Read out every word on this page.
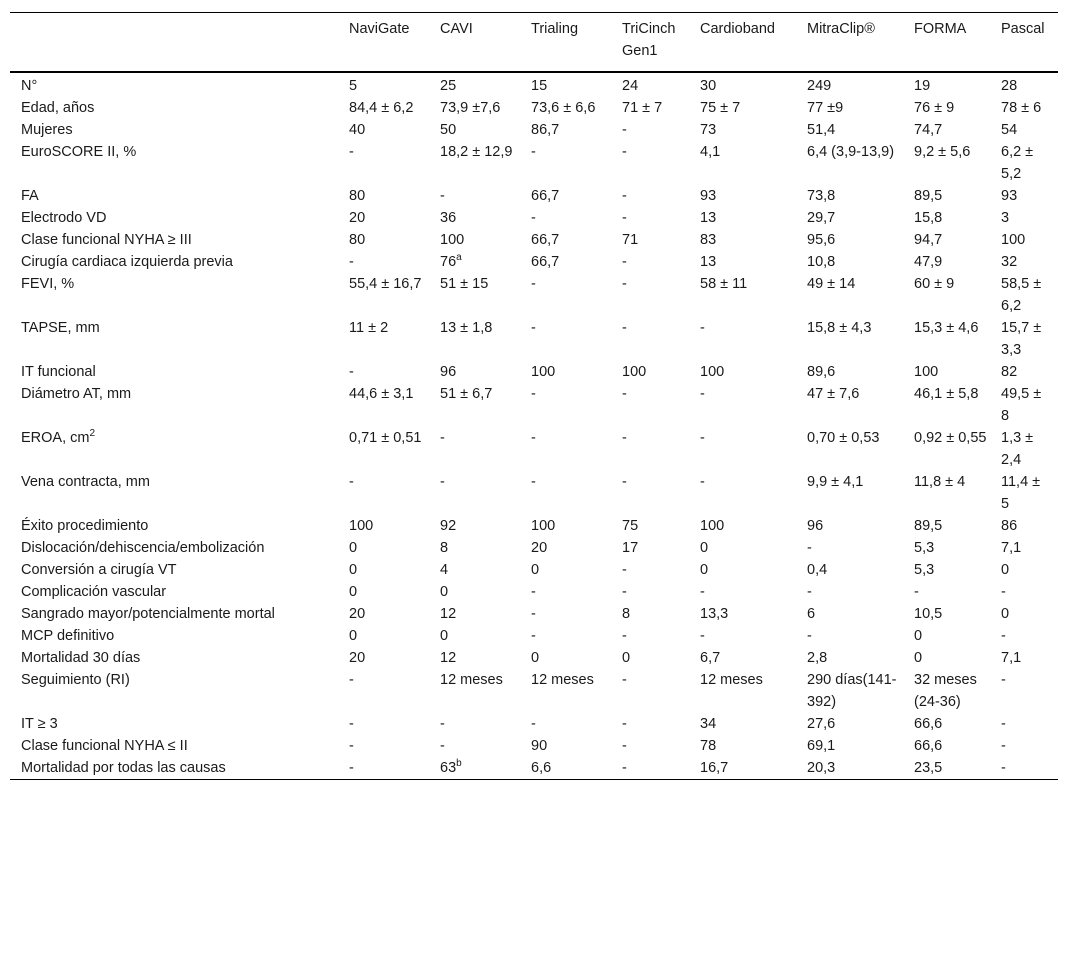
	NaviGate	CAVI	Trialing	TriCinch Gen1	Cardioband	MitraClip®	FORMA	Pascal
N°	5	25	15	24	30	249	19	28
Edad, años	84,4 ± 6,2	73,9 ±7,6	73,6 ± 6,6	71 ± 7	75 ± 7	77 ±9	76 ± 9	78 ± 6
Mujeres	40	50	86,7	-	73	51,4	74,7	54
EuroSCORE II, %	-	18,2 ± 12,9	-	-	4,1	6,4 (3,9-13,9)	9,2 ± 5,6	6,2 ± 5,2
FA	80	-	66,7	-	93	73,8	89,5	93
Electrodo VD	20	36	-	-	13	29,7	15,8	3
Clase funcional NYHA ≥ III	80	100	66,7	71	83	95,6	94,7	100
Cirugía cardiaca izquierda previa	-	76$^a$	66,7	-	13	10,8	47,9	32
FEVI, %	55,4 ± 16,7	51 ± 15	-	-	58 ± 11	49 ± 14	60 ± 9	58,5 ± 6,2
TAPSE, mm	11 ± 2	13 ± 1,8	-	-	-	15,8 ± 4,3	15,3 ± 4,6	15,7 ± 3,3
IT funcional	-	96	100	100	100	89,6	100	82
Diámetro AT, mm	44,6 ± 3,1	51 ± 6,7	-	-	-	47 ± 7,6	46,1 ± 5,8	49,5 ± 8
EROA, $cm^2$	0,71 ± 0,51	-	-	-	-	0,70 ± 0,53	0,92 ± 0,55	1,3 ± 2,4
Vena contracta, mm	-	-	-	-	-	9,9 ± 4,1	11,8 ± 4	11,4 ± 5
Éxito procedimiento	100	92	100	75	100	96	89,5	86
Dislocación/dehiscencia/embolización	0	8	20	17	0	-	5,3	7,1
Conversión a cirugía VT	0	4	0	-	0	0,4	5,3	0
Complicación vascular	0	0	-	-	-	-	-	-
Sangrado mayor/potencialmente mortal	20	12	-	8	13,3	6	10,5	0
MCP definitivo	0	0	-	-	-	-	0	-
Mortalidad 30 días	20	12	0	0	6,7	2,8	0	7,1
Seguimiento (RI)	-	12 meses	12 meses	-	12 meses	290 días(141-392)	32 meses (24-36)	-
IT ≥ 3	-	-	-	-	34	27,6	66,6	-
Clase funcional NYHA ≤ II	-	-	90	-	78	69,1	66,6	-
Mortalidad por todas las causas	-	63$^b$	6,6	-	16,7	20,3	23,5	-
